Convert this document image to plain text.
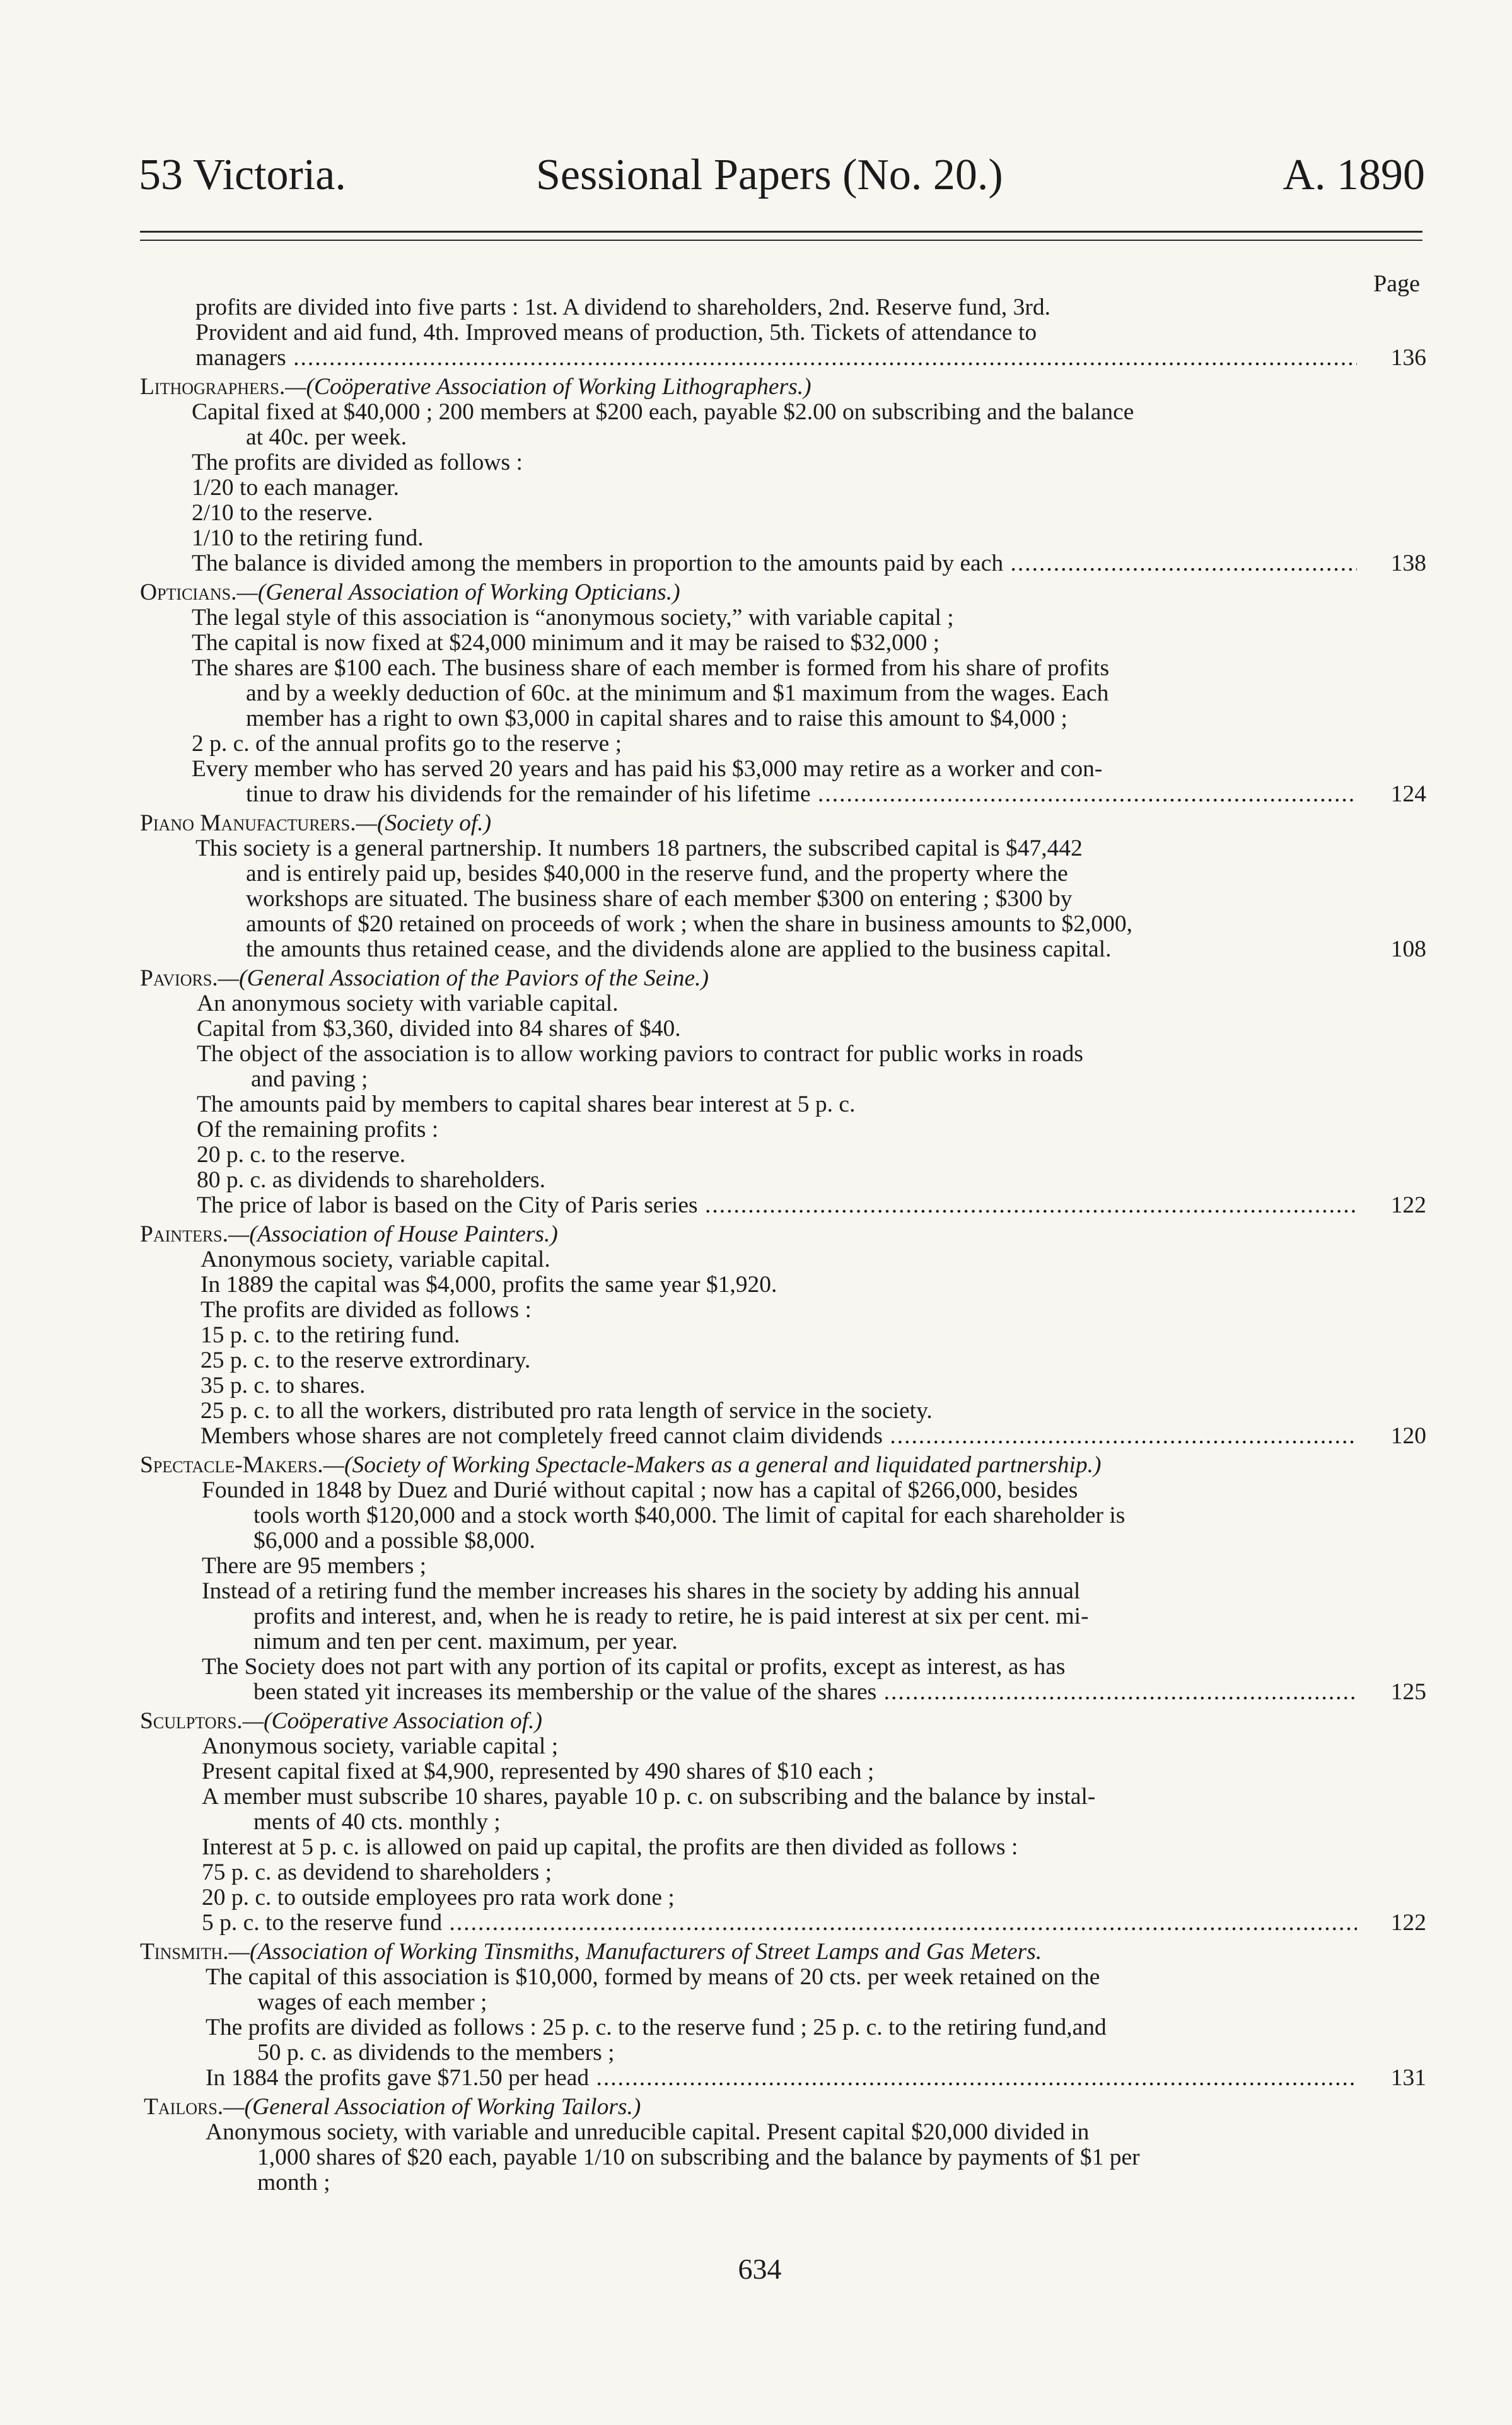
53 Victoria.	Sessional Papers (No. 20.)	A. 1890
Page
profits are divided into five parts : 1st. A dividend to shareholders, 2nd. Reserve fund, 3rd.
Provident and aid fund, 4th. Improved means of production, 5th. Tickets of attendance to
managers .....	136
Lithographers.—(Coöperative Association of Working Lithographers.)
Capital fixed at $40,000 ; 200 members at $200 each, payable $2.00 on subscribing and the balance
at 40c. per week.
The profits are divided as follows :
1/20 to each manager.
2/10 to the reserve.
1/10 to the retiring fund.
The balance is divided among the members in proportion to the amounts paid by each .....	138
Opticians.—(General Association of Working Opticians.)
The legal style of this association is “anonymous society,” with variable capital ;
The capital is now fixed at $24,000 minimum and it may be raised to $32,000 ;
The shares are $100 each. The business share of each member is formed from his share of profits
and by a weekly deduction of 60c. at the minimum and $1 maximum from the wages. Each
member has a right to own $3,000 in capital shares and to raise this amount to $4,000 ;
2 p. c. of the annual profits go to the reserve ;
Every member who has served 20 years and has paid his $3,000 may retire as a worker and con-
tinue to draw his dividends for the remainder of his lifetime .....	124
Piano Manufacturers.—(Society of.)
This society is a general partnership. It numbers 18 partners, the subscribed capital is $47,442
and is entirely paid up, besides $40,000 in the reserve fund, and the property where the
workshops are situated. The business share of each member $300 on entering ; $300 by
amounts of $20 retained on proceeds of work ; when the share in business amounts to $2,000,
the amounts thus retained cease, and the dividends alone are applied to the business capital.	108
Paviors.—(General Association of the Paviors of the Seine.)
An anonymous society with variable capital.
Capital from $3,360, divided into 84 shares of $40.
The object of the association is to allow working paviors to contract for public works in roads
and paving ;
The amounts paid by members to capital shares bear interest at 5 p. c.
Of the remaining profits :
20 p. c. to the reserve.
80 p. c. as dividends to shareholders.
The price of labor is based on the City of Paris series .....	122
Painters.—(Association of House Painters.)
Anonymous society, variable capital.
In 1889 the capital was $4,000, profits the same year $1,920.
The profits are divided as follows :
15 p. c. to the retiring fund.
25 p. c. to the reserve extrordinary.
35 p. c. to shares.
25 p. c. to all the workers, distributed pro rata length of service in the society.
Members whose shares are not completely freed cannot claim dividends .....	120
Spectacle-Makers.—(Society of Working Spectacle-Makers as a general and liquidated partnership.)
Founded in 1848 by Duez and Durié without capital ; now has a capital of $266,000, besides
tools worth $120,000 and a stock worth $40,000. The limit of capital for each shareholder is
$6,000 and a possible $8,000.
There are 95 members ;
Instead of a retiring fund the member increases his shares in the society by adding his annual
profits and interest, and, when he is ready to retire, he is paid interest at six per cent. mi-
nimum and ten per cent. maximum, per year.
The Society does not part with any portion of its capital or profits, except as interest, as has
been stated yit increases its membership or the value of the shares .....	125
Sculptors.—(Coöperative Association of.)
Anonymous society, variable capital ;
Present capital fixed at $4,900, represented by 490 shares of $10 each ;
A member must subscribe 10 shares, payable 10 p. c. on subscribing and the balance by instal-
ments of 40 cts. monthly ;
Interest at 5 p. c. is allowed on paid up capital, the profits are then divided as follows :
75 p. c. as devidend to shareholders ;
20 p. c. to outside employees pro rata work done ;
5 p. c. to the reserve fund .....	122
Tinsmith.—(Association of Working Tinsmiths, Manufacturers of Street Lamps and Gas Meters.
The capital of this association is $10,000, formed by means of 20 cts. per week retained on the
wages of each member ;
The profits are divided as follows : 25 p. c. to the reserve fund ; 25 p. c. to the retiring fund,and
50 p. c. as dividends to the members ;
In 1884 the profits gave $71.50 per head .....	131
Tailors.—(General Association of Working Tailors.)
Anonymous society, with variable and unreducible capital. Present capital $20,000 divided in
1,000 shares of $20 each, payable 1/10 on subscribing and the balance by payments of $1 per
month ;
634
